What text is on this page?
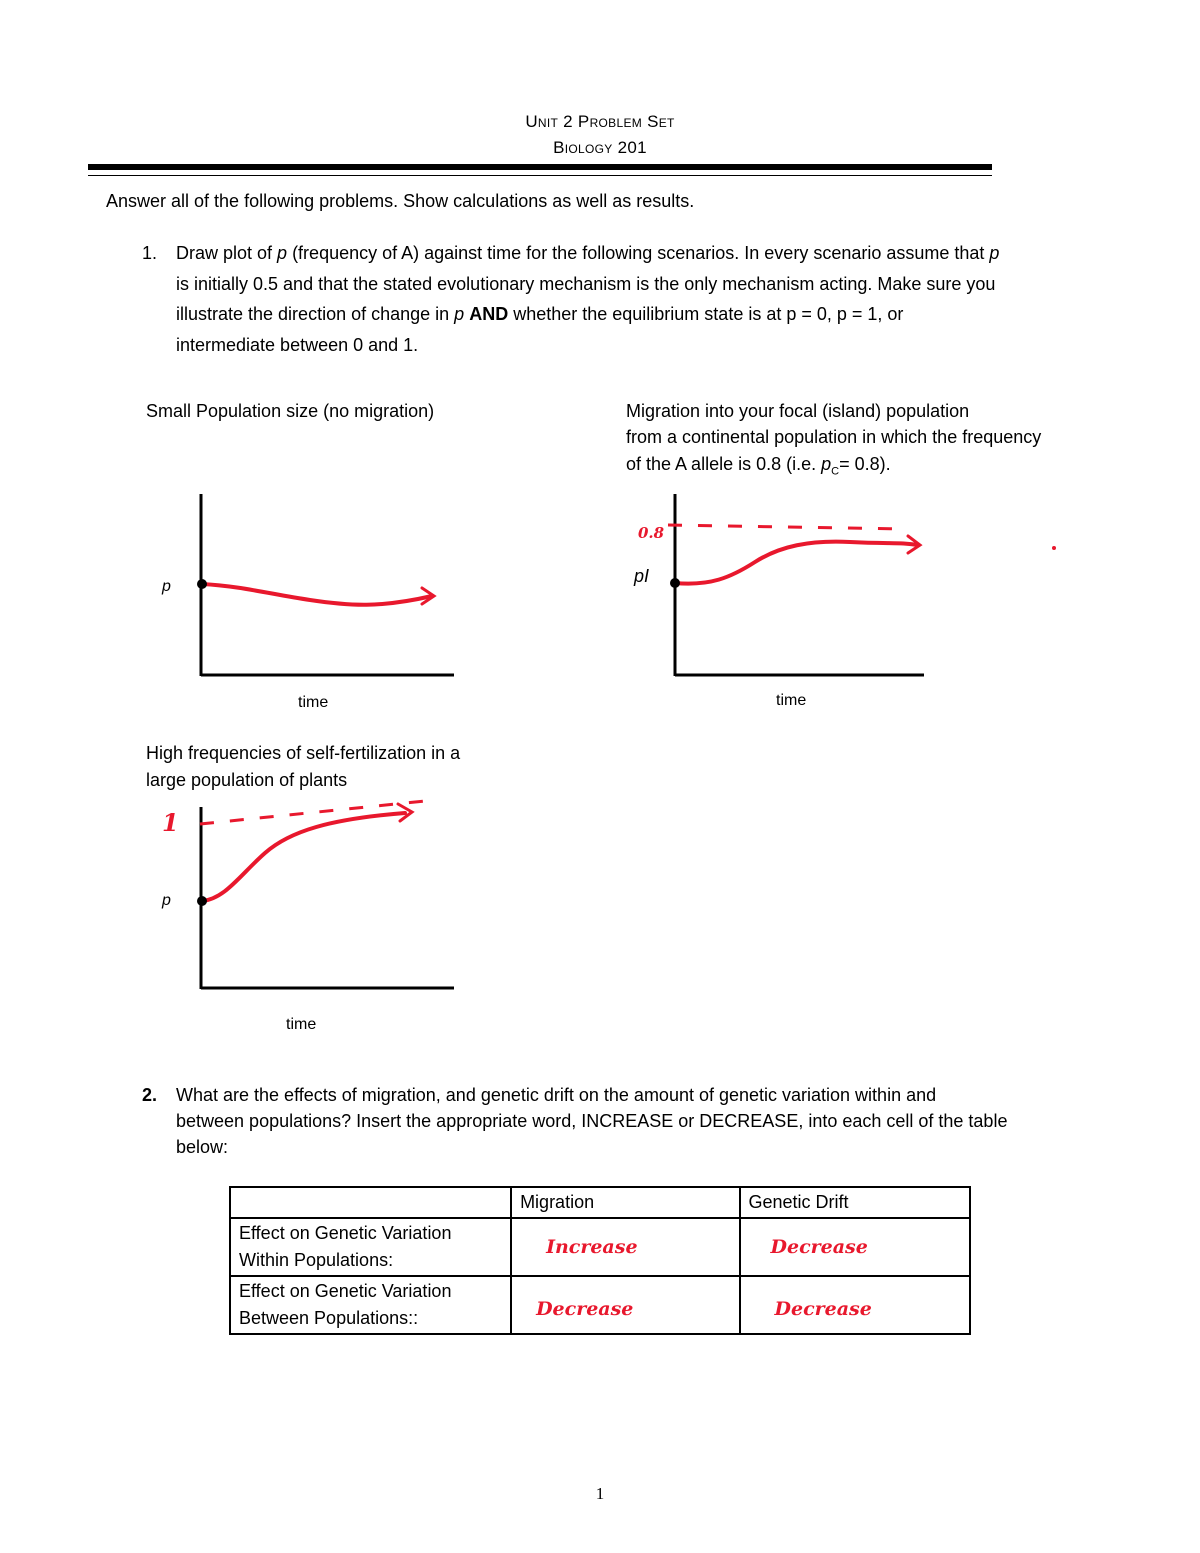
Unit 2 Problem Set
Biology 201
Answer all of the following problems. Show calculations as well as results.
1. Draw plot of p (frequency of A) against time for the following scenarios. In every scenario assume that p
is initially 0.5 and that the stated evolutionary mechanism is the only mechanism acting. Make sure you
illustrate the direction of change in p AND whether the equilibrium state is at p = 0, p = 1, or
intermediate between 0 and 1.
Small Population size (no migration)	Migration into your focal (island) population
from a continental population in which the frequency
of the A allele is 0.8 (i.e. $p_C= 0.8$).
p
time
0.8
pI
time
High frequencies of self-fertilization in a
large population of plants
1
p
time
2. What are the effects of migration, and genetic drift on the amount of genetic variation within and
between populations? Insert the appropriate word, INCREASE or DECREASE, into each cell of the table
below:
	Migration	Genetic Drift

Effect on Genetic Variation
Within Populations:	Increase	Decrease

Effect on Genetic Variation
Between Populations::	Decrease	Decrease
1
